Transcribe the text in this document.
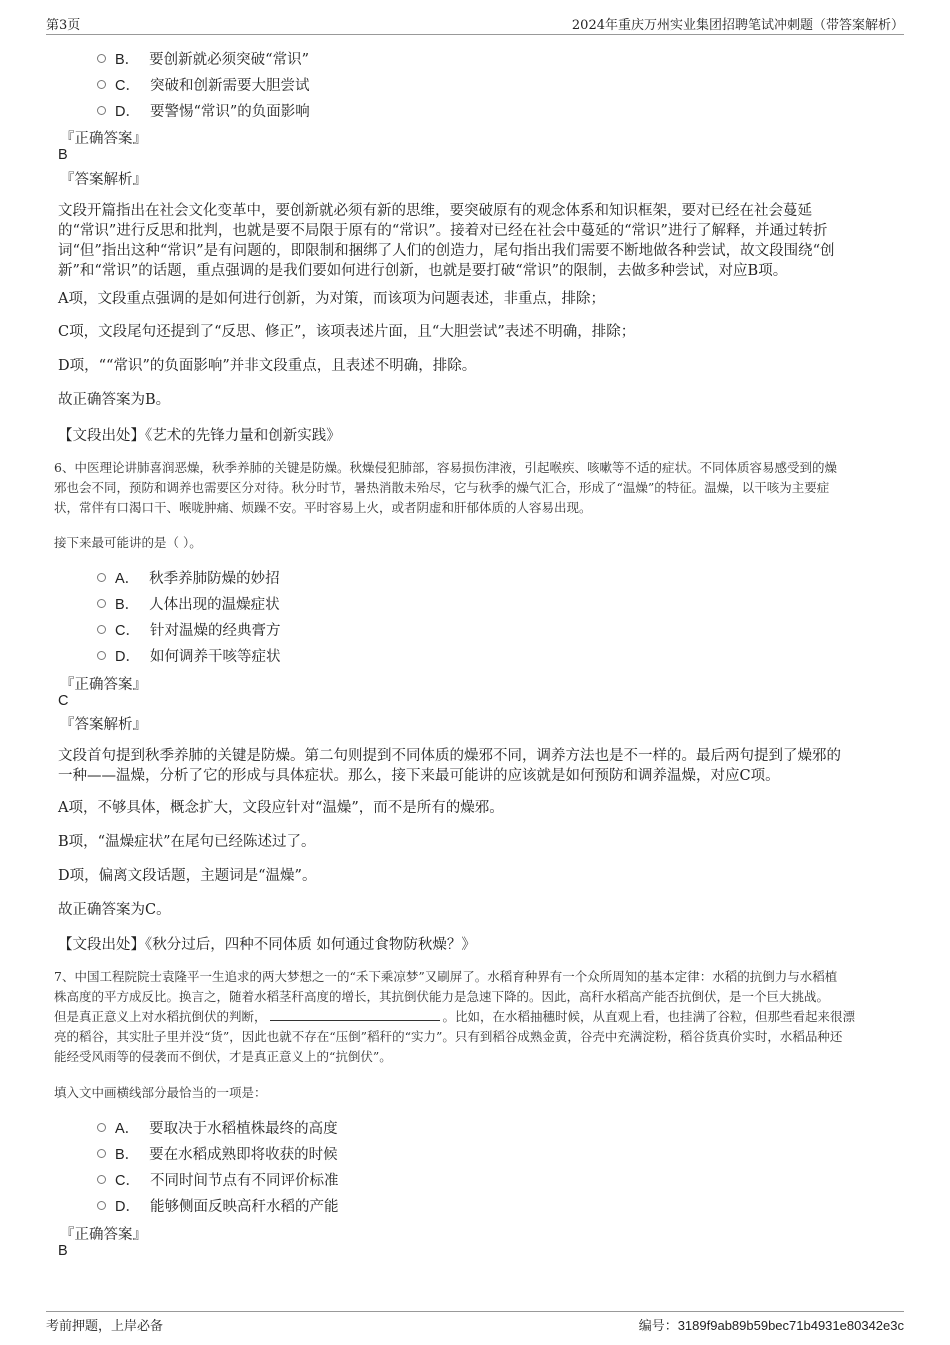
第3页	2024年重庆万州实业集团招聘笔试冲刺题（带答案解析）
B． 要创新就必须突破“常识”
C． 突破和创新需要大胆尝试
D． 要警惕“常识”的负面影响
『正确答案』
B
『答案解析』
文段开篇指出在社会文化变革中，要创新就必须有新的思维，要突破原有的观念体系和知识框架，要对已经在社会蔓延
的“常识”进行反思和批判，也就是要不局限于原有的“常识”。接着对已经在社会中蔓延的“常识”进行了解释，并通过转折
词“但”指出这种“常识”是有问题的，即限制和捆绑了人们的创造力，尾句指出我们需要不断地做各种尝试，故文段围绕“创
新”和“常识”的话题，重点强调的是我们要如何进行创新，也就是要打破“常识”的限制，去做多种尝试，对应B项。
A项，文段重点强调的是如何进行创新，为对策，而该项为问题表述，非重点，排除；
C项，文段尾句还提到了“反思、修正”，该项表述片面，且“大胆尝试”表述不明确，排除；
D项，““常识”的负面影响”并非文段重点，且表述不明确，排除。
故正确答案为B。
【文段出处】《艺术的先锋力量和创新实践》
6、中医理论讲肺喜润恶燥，秋季养肺的关键是防燥。秋燥侵犯肺部，容易损伤津液，引起喉疾、咳嗽等不适的症状。不同体质容易感受到的燥
邪也会不同，预防和调养也需要区分对待。秋分时节，暑热消散未殆尽，它与秋季的燥气汇合，形成了“温燥”的特征。温燥，以干咳为主要症
状，常伴有口渴口干、喉咙肿痛、烦躁不安。平时容易上火，或者阴虚和肝郁体质的人容易出现。
接下来最可能讲的是（ ）。
A． 秋季养肺防燥的妙招
B． 人体出现的温燥症状
C． 针对温燥的经典膏方
D． 如何调养干咳等症状
『正确答案』
C
『答案解析』
文段首句提到秋季养肺的关键是防燥。第二句则提到不同体质的燥邪不同，调养方法也是不一样的。最后两句提到了燥邪的
一种——温燥，分析了它的形成与具体症状。那么，接下来最可能讲的应该就是如何预防和调养温燥，对应C项。
A项，不够具体，概念扩大，文段应针对“温燥”，而不是所有的燥邪。
B项，“温燥症状”在尾句已经陈述过了。
D项，偏离文段话题，主题词是“温燥”。
故正确答案为C。
【文段出处】《秋分过后，四种不同体质 如何通过食物防秋燥？》
7、中国工程院院士袁隆平一生追求的两大梦想之一的“禾下乘凉梦”又刷屏了。水稻育种界有一个众所周知的基本定律：水稻的抗倒力与水稻植
株高度的平方成反比。换言之，随着水稻茎秆高度的增长，其抗倒伏能力是急速下降的。因此，高秆水稻高产能否抗倒伏，是一个巨大挑战。
但是真正意义上对水稻抗倒伏的判断，	。比如，在水稻抽穗时候，从直观上看，也挂满了谷粒，但那些看起来很漂
亮的稻谷，其实肚子里并没“货”，因此也就不存在“压倒”稻秆的“实力”。只有到稻谷成熟金黄，谷壳中充满淀粉，稻谷货真价实时，水稻品种还
能经受风雨等的侵袭而不倒伏，才是真正意义上的“抗倒伏”。
填入文中画横线部分最恰当的一项是：
A． 要取决于水稻植株最终的高度
B． 要在水稻成熟即将收获的时候
C． 不同时间节点有不同评价标准
D． 能够侧面反映高秆水稻的产能
『正确答案』
B
考前押题，上岸必备	编号：3189f9ab89b59bec71b4931e80342e3c
